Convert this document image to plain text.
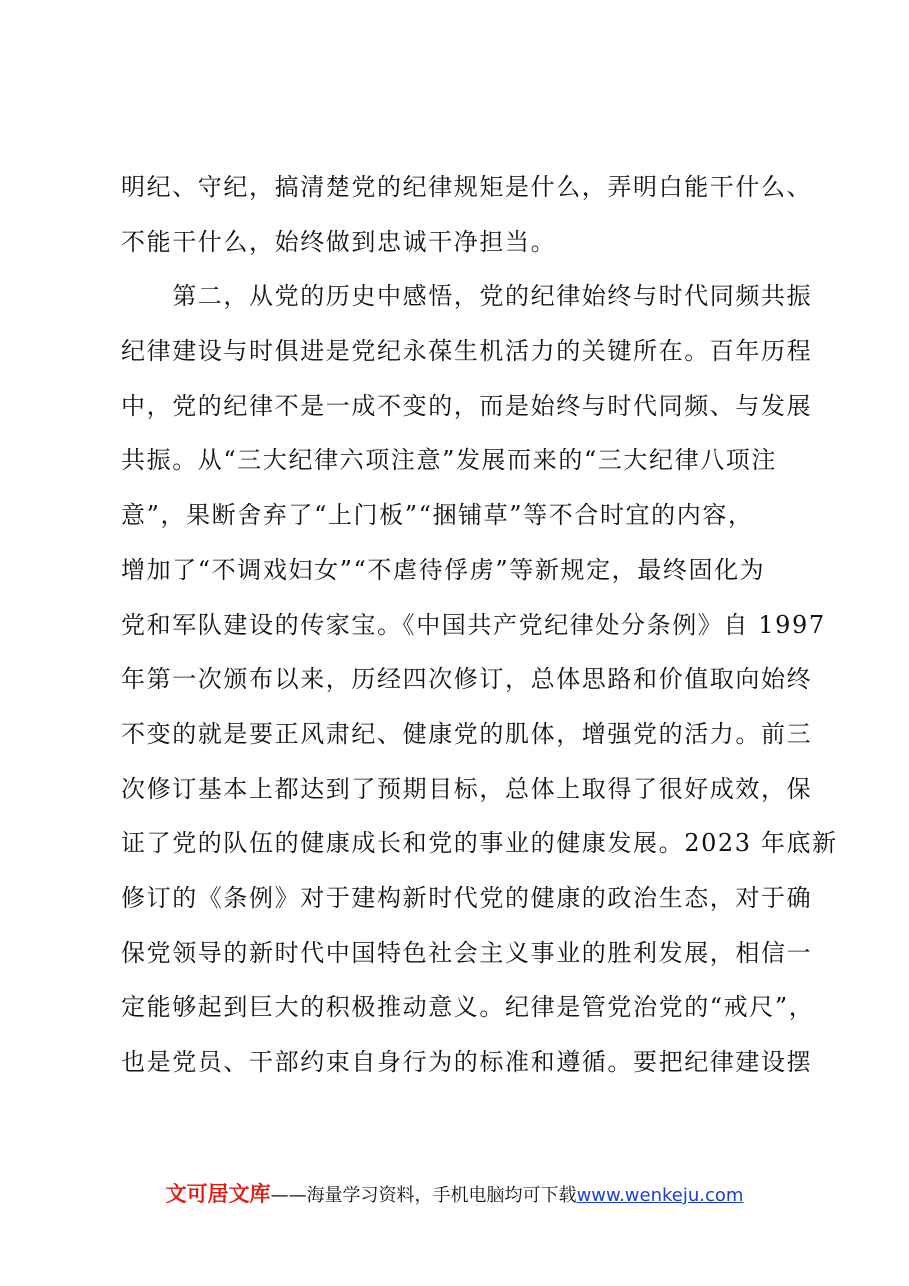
明纪、守纪，搞清楚党的纪律规矩是什么，弄明白能干什么、
不能干什么，始终做到忠诚干净担当。
　　第二，从党的历史中感悟，党的纪律始终与时代同频共振
纪律建设与时俱进是党纪永葆生机活力的关键所在。百年历程
中，党的纪律不是一成不变的，而是始终与时代同频、与发展
共振。从“三大纪律六项注意”发展而来的“三大纪律八项注
意”，果断舍弃了“上门板”“捆铺草”等不合时宜的内容，
增加了“不调戏妇女”“不虐待俘虏”等新规定，最终固化为
党和军队建设的传家宝。《中国共产党纪律处分条例》自 1997
年第一次颁布以来，历经四次修订，总体思路和价值取向始终
不变的就是要正风肃纪、健康党的肌体，增强党的活力。前三
次修订基本上都达到了预期目标，总体上取得了很好成效，保
证了党的队伍的健康成长和党的事业的健康发展。2023 年底新
修订的《条例》对于建构新时代党的健康的政治生态，对于确
保党领导的新时代中国特色社会主义事业的胜利发展，相信一
定能够起到巨大的积极推动意义。纪律是管党治党的“戒尺”，
也是党员、干部约束自身行为的标准和遵循。要把纪律建设摆
文可居文库——海量学习资料，手机电脑均可下载www.wenkeju.com
